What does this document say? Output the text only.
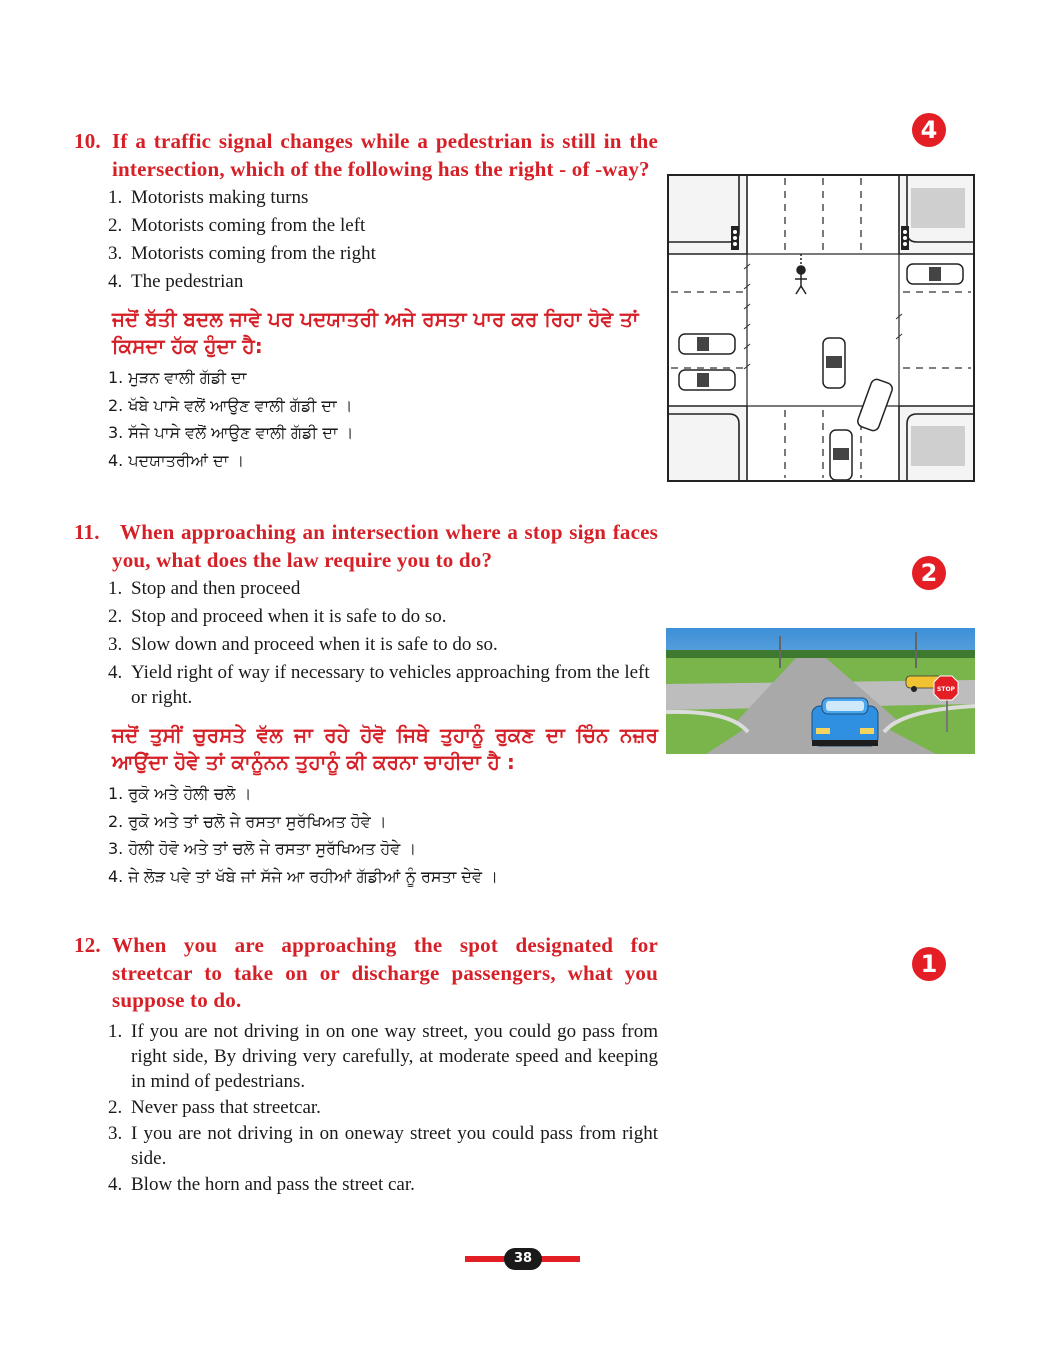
10. If a traffic signal changes while a pedestrian is still in the intersection, which of the following has the right - of -way?
1. Motorists making turns
2. Motorists coming from the left
3. Motorists coming from the right
4. The pedestrian
ਜਦੋਂ ਬੱਤੀ ਬਦਲ ਜਾਵੇ ਪਰ ਪਦਯਾਤਰੀ ਅਜੇ ਰਸਤਾ ਪਾਰ ਕਰ ਰਿਹਾ ਹੋਵੇ ਤਾਂ ਕਿਸਦਾ ਹੱਕ ਹੁੰਦਾ ਹੈ:
1. ਮੁੜਨ ਵਾਲੀ ਗੱਡੀ ਦਾ
2. ਖੱਬੇ ਪਾਸੇ ਵਲੋਂ ਆਉਣ ਵਾਲੀ ਗੱਡੀ ਦਾ ।
3. ਸੱਜੇ ਪਾਸੇ ਵਲੋਂ ਆਉਣ ਵਾਲੀ ਗੱਡੀ ਦਾ ।
4. ਪਦਯਾਤਰੀਆਂ ਦਾ ।
4
11. When approaching an intersection where a stop sign faces you, what does the law require you to do?
1. Stop and then proceed
2. Stop and proceed when it is safe to do so.
3. Slow down and proceed when it is safe to do so.
4. Yield right of way if necessary to vehicles approaching from the left or right.
ਜਦੋਂ ਤੁਸੀਂ ਚੁਰਸਤੇ ਵੱਲ ਜਾ ਰਹੇ ਹੋਵੋ ਜਿਥੇ ਤੁਹਾਨੂੰ ਰੁਕਣ ਦਾ ਚਿੰਨ ਨਜ਼ਰ ਆਉਂਦਾ ਹੋਵੇ ਤਾਂ ਕਾਨੂੰਨਨ ਤੁਹਾਨੂੰ ਕੀ ਕਰਨਾ ਚਾਹੀਦਾ ਹੈ :
1. ਰੁਕੋ ਅਤੇ ਹੋਲੀ ਚਲੋ ।
2. ਰੁਕੋ ਅਤੇ ਤਾਂ ਚਲੋ ਜੇ ਰਸਤਾ ਸੁਰੱਖਿਅਤ ਹੋਵੇ ।
3. ਹੋਲੀ ਹੋਵੋ ਅਤੇ ਤਾਂ ਚਲੋ ਜੇ ਰਸਤਾ ਸੁਰੱਖਿਅਤ ਹੋਵੇ ।
4. ਜੇ ਲੋੜ ਪਵੇ ਤਾਂ ਖੱਬੇ ਜਾਂ ਸੱਜੇ ਆ ਰਹੀਆਂ ਗੱਡੀਆਂ ਨੂੰ ਰਸਤਾ ਦੇਵੋ ।
2
STOP
12. When you are approaching the spot designated for streetcar to take on or discharge passengers, what you suppose to do.
1. If you are not driving in on one way street, you could go pass from right side, By driving very carefully, at moderate speed and keeping in mind of pedestrians.
2. Never pass that streetcar.
3. I you are not driving in on oneway street you could pass from right side.
4. Blow the horn and pass the street car.
1
38
